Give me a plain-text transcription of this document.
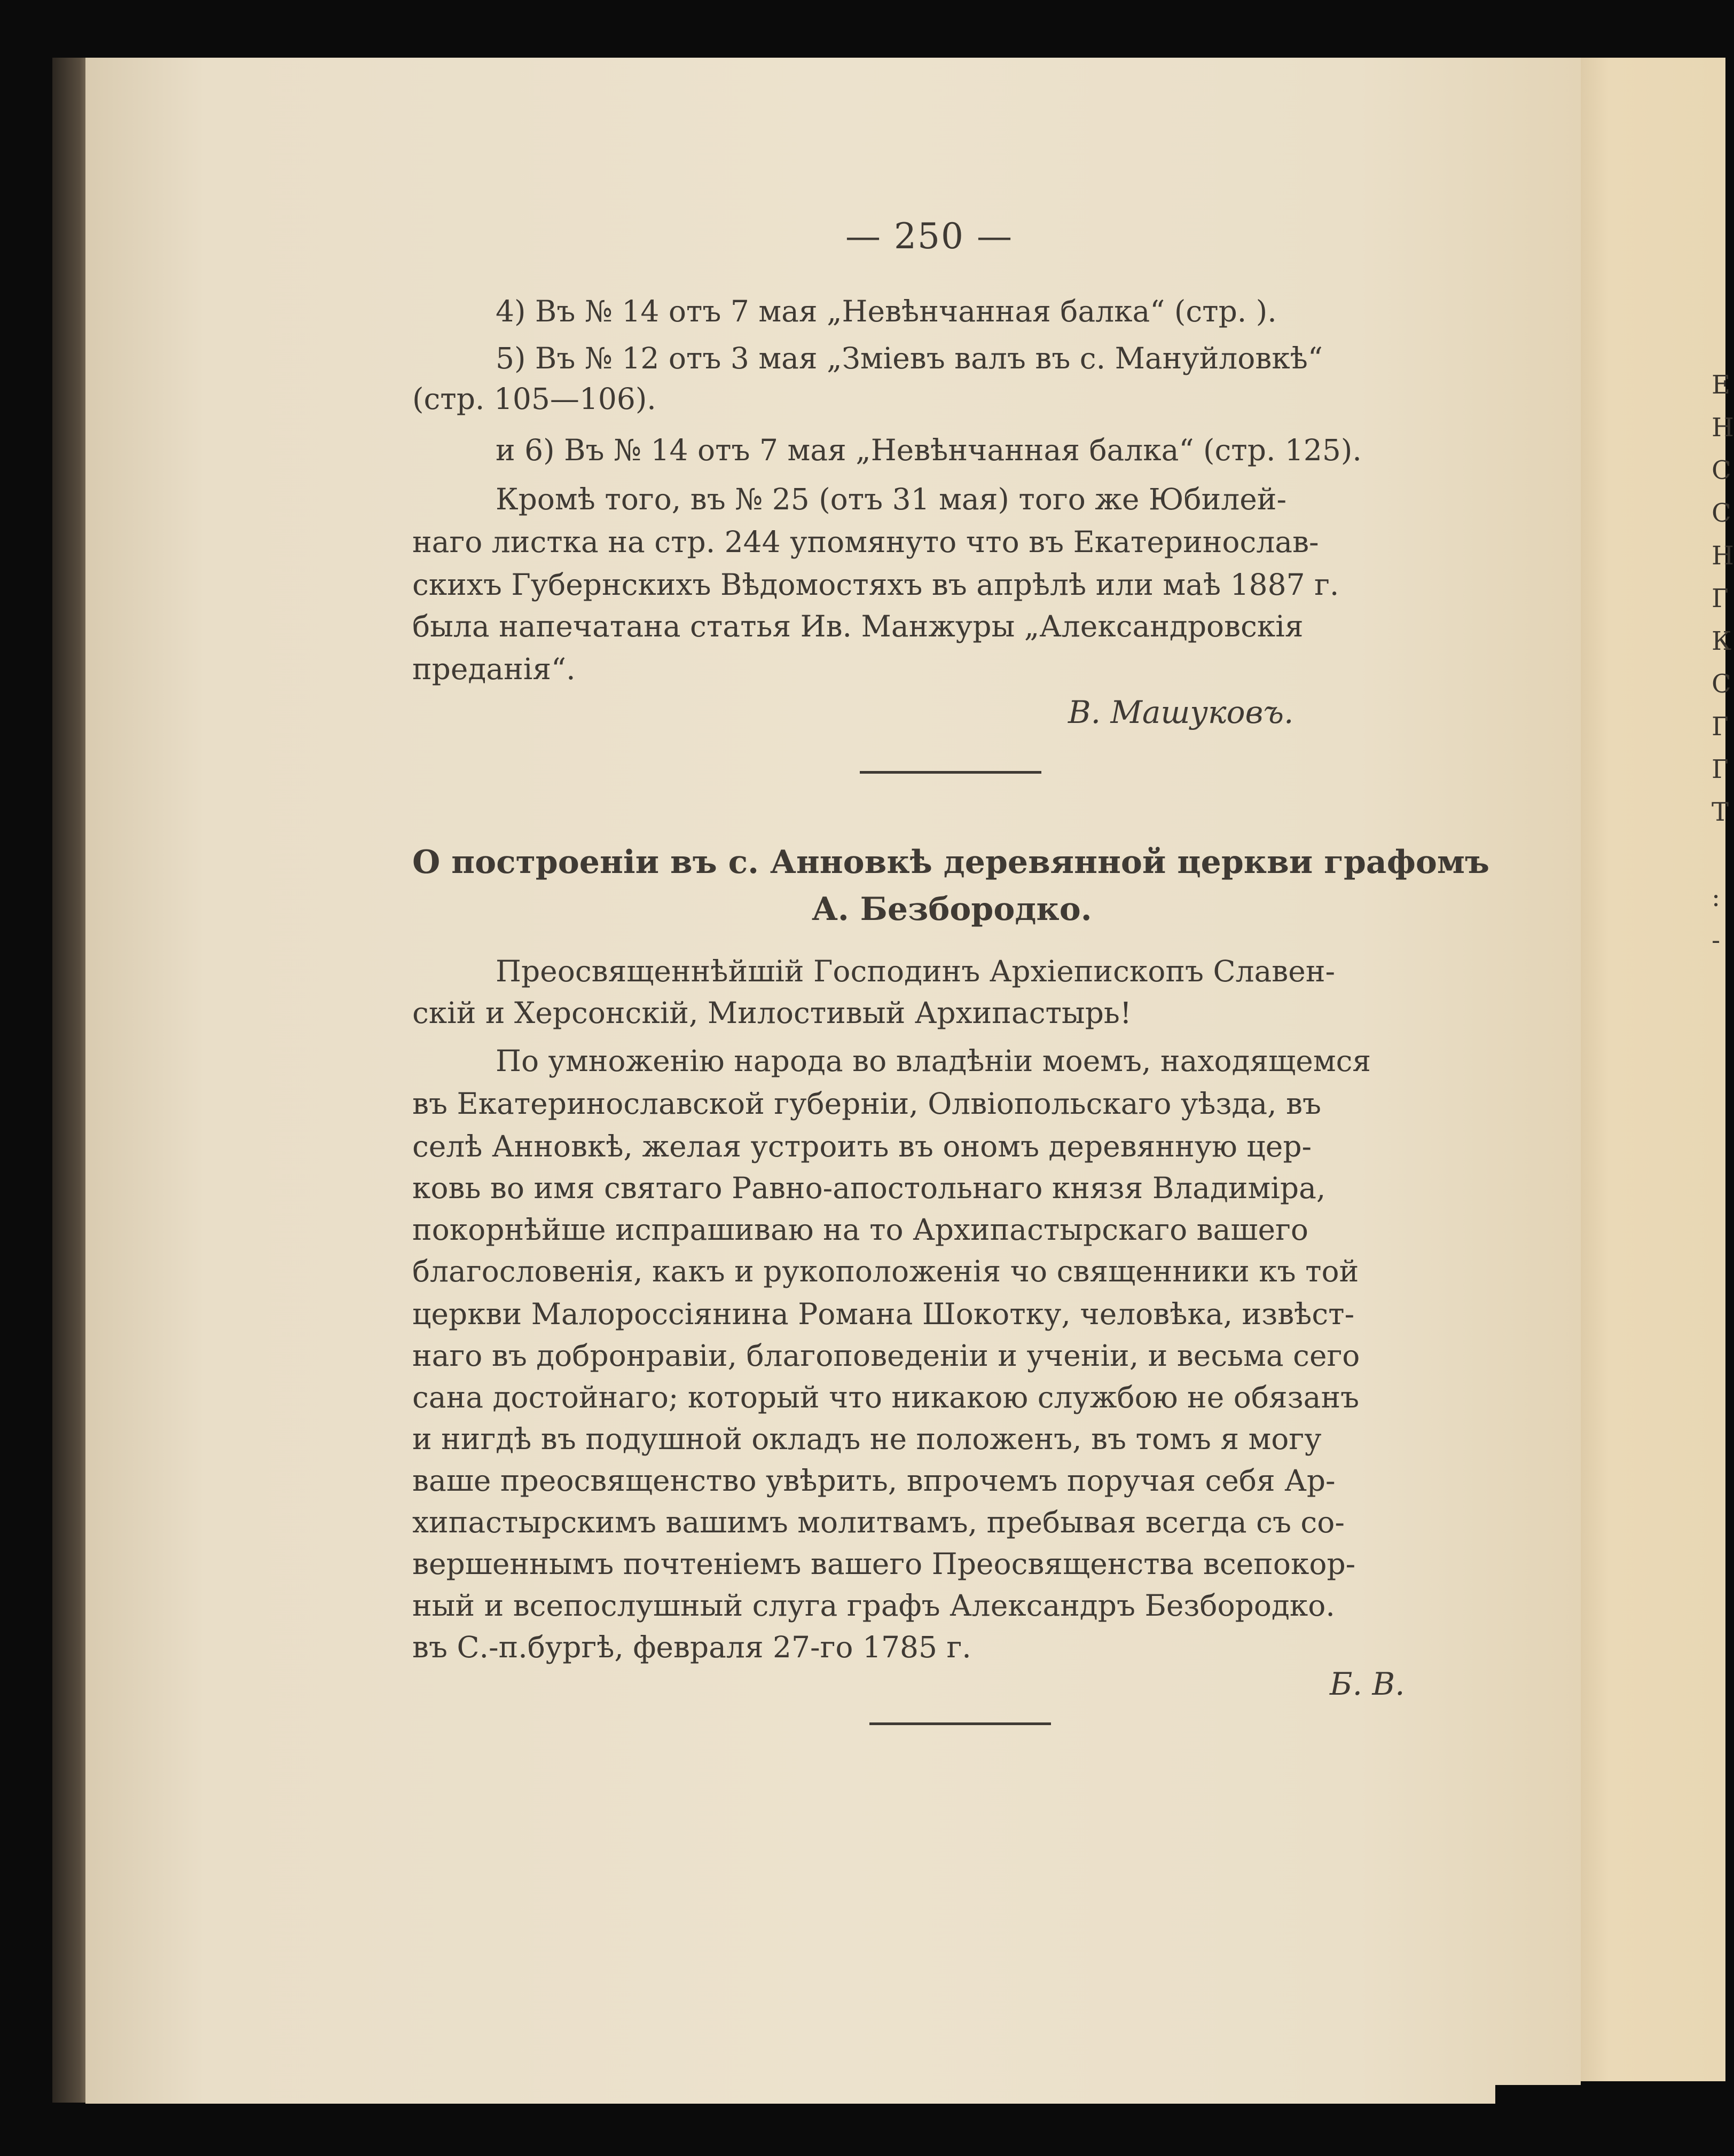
Е
Н
С
С
Н
Г
К
С
Г
Г
Т
:
-
— 250 —
4) Въ № 14 отъ 7 мая „Невѣнчанная балка“ (стр. ).
5) Въ № 12 отъ 3 мая „Зміевъ валъ въ с. Мануйловкѣ“
(стр. 105—106).
и 6) Въ № 14 отъ 7 мая „Невѣнчанная балка“ (стр. 125).
Кромѣ того, въ № 25 (отъ 31 мая) того же Юбилей-
наго листка на стр. 244 упомянуто что въ Екатеринослав-
скихъ Губернскихъ Вѣдомостяхъ въ апрѣлѣ или маѣ 1887 г.
была напечатана статья Ив. Манжуры „Александровскія
преданія“.
В. Машуковъ.
О построеніи въ с. Анновкѣ деревянной церкви графомъ
А. Безбородко.
Преосвященнѣйшій Господинъ Архіепископъ Славен-
скій и Херсонскій, Милостивый Архипастырь!
По умноженію народа во владѣніи моемъ, находящемся
въ Екатеринославской губерніи, Олвіопольскаго уѣзда, въ
селѣ Анновкѣ, желая устроить въ ономъ деревянную цер-
ковь во имя святаго Равно-апостольнаго князя Владиміра,
покорнѣйше испрашиваю на то Архипастырскаго вашего
благословенія, какъ и рукоположенія чо священники къ той
церкви Малороссіянина Романа Шокотку, человѣка, извѣст-
наго въ добронравіи, благоповеденіи и ученіи, и весьма сего
сана достойнаго; который что никакою службою не обязанъ
и нигдѣ въ подушной окладъ не положенъ, въ томъ я могу
ваше преосвященство увѣрить, впрочемъ поручая себя Ар-
хипастырскимъ вашимъ молитвамъ, пребывая всегда съ со-
вершеннымъ почтеніемъ вашего Преосвященства всепокор-
ный и всепослушный слуга графъ Александръ Безбородко.
въ С.-п.бургѣ, февраля 27-го 1785 г.
Б. В.
